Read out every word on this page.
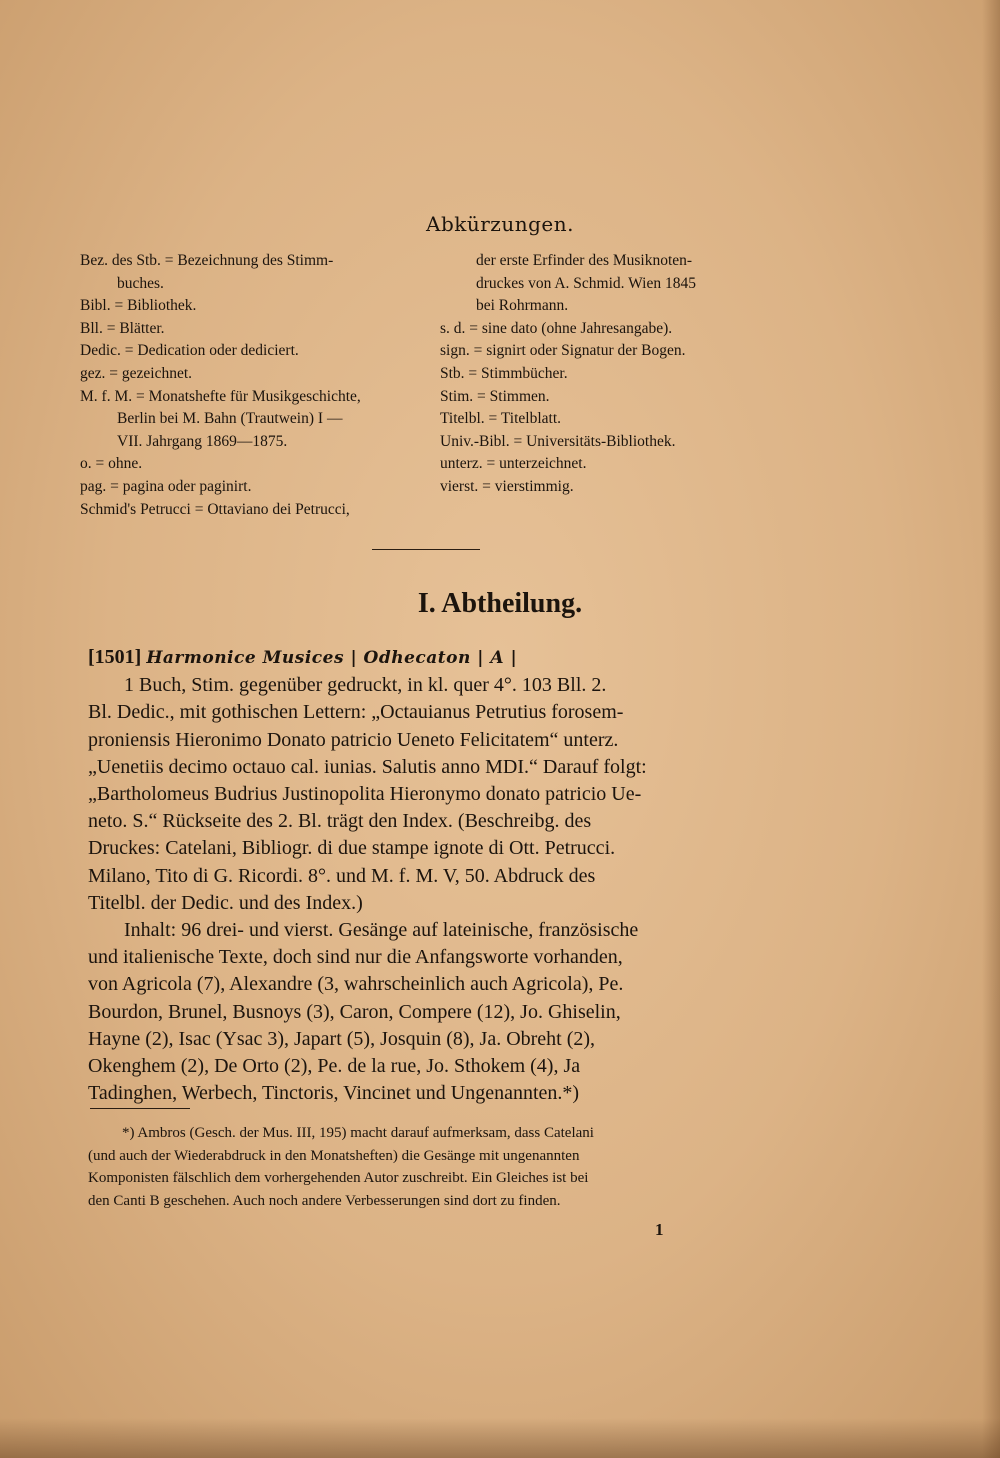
Abkürzungen.
Bez. des Stb. = Bezeichnung des Stimm-
buches.
Bibl. = Bibliothek.
Bll. = Blätter.
Dedic. = Dedication oder dediciert.
gez. = gezeichnet.
M. f. M. = Monatshefte für Musikgeschichte,
Berlin bei M. Bahn (Trautwein) I —
VII. Jahrgang 1869—1875.
o. = ohne.
pag. = pagina oder paginirt.
Schmid's Petrucci = Ottaviano dei Petrucci,
der erste Erfinder des Musiknoten-
druckes von A. Schmid. Wien 1845
bei Rohrmann.
s. d. = sine dato (ohne Jahresangabe).
sign. = signirt oder Signatur der Bogen.
Stb. = Stimmbücher.
Stim. = Stimmen.
Titelbl. = Titelblatt.
Univ.-Bibl. = Universitäts-Bibliothek.
unterz. = unterzeichnet.
vierst. = vierstimmig.
I. Abtheilung.
[1501] Harmonice Musices | Odhecaton | A |
1 Buch, Stim. gegenüber gedruckt, in kl. quer 4°. 103 Bll. 2.
Bl. Dedic., mit gothischen Lettern: „Octauianus Petrutius forosem-
proniensis Hieronimo Donato patricio Ueneto Felicitatem“ unterz.
„Uenetiis decimo octauo cal. iunias. Salutis anno MDI.“ Darauf folgt:
„Bartholomeus Budrius Justinopolita Hieronymo donato patricio Ue-
neto. S.“ Rückseite des 2. Bl. trägt den Index. (Beschreibg. des
Druckes: Catelani, Bibliogr. di due stampe ignote di Ott. Petrucci.
Milano, Tito di G. Ricordi. 8°. und M. f. M. V, 50. Abdruck des
Titelbl. der Dedic. und des Index.)
Inhalt: 96 drei- und vierst. Gesänge auf lateinische, französische
und italienische Texte, doch sind nur die Anfangsworte vorhanden,
von Agricola (7), Alexandre (3, wahrscheinlich auch Agricola), Pe.
Bourdon, Brunel, Busnoys (3), Caron, Compere (12), Jo. Ghiselin,
Hayne (2), Isac (Ysac 3), Japart (5), Josquin (8), Ja. Obreht (2),
Okenghem (2), De Orto (2), Pe. de la rue, Jo. Sthokem (4), Ja
Tadinghen, Werbech, Tinctoris, Vincinet und Ungenannten.*)
*) Ambros (Gesch. der Mus. III, 195) macht darauf aufmerksam, dass Catelani
(und auch der Wiederabdruck in den Monatsheften) die Gesänge mit ungenannten
Komponisten fälschlich dem vorhergehenden Autor zuschreibt. Ein Gleiches ist bei
den Canti B geschehen. Auch noch andere Verbesserungen sind dort zu finden.
1
